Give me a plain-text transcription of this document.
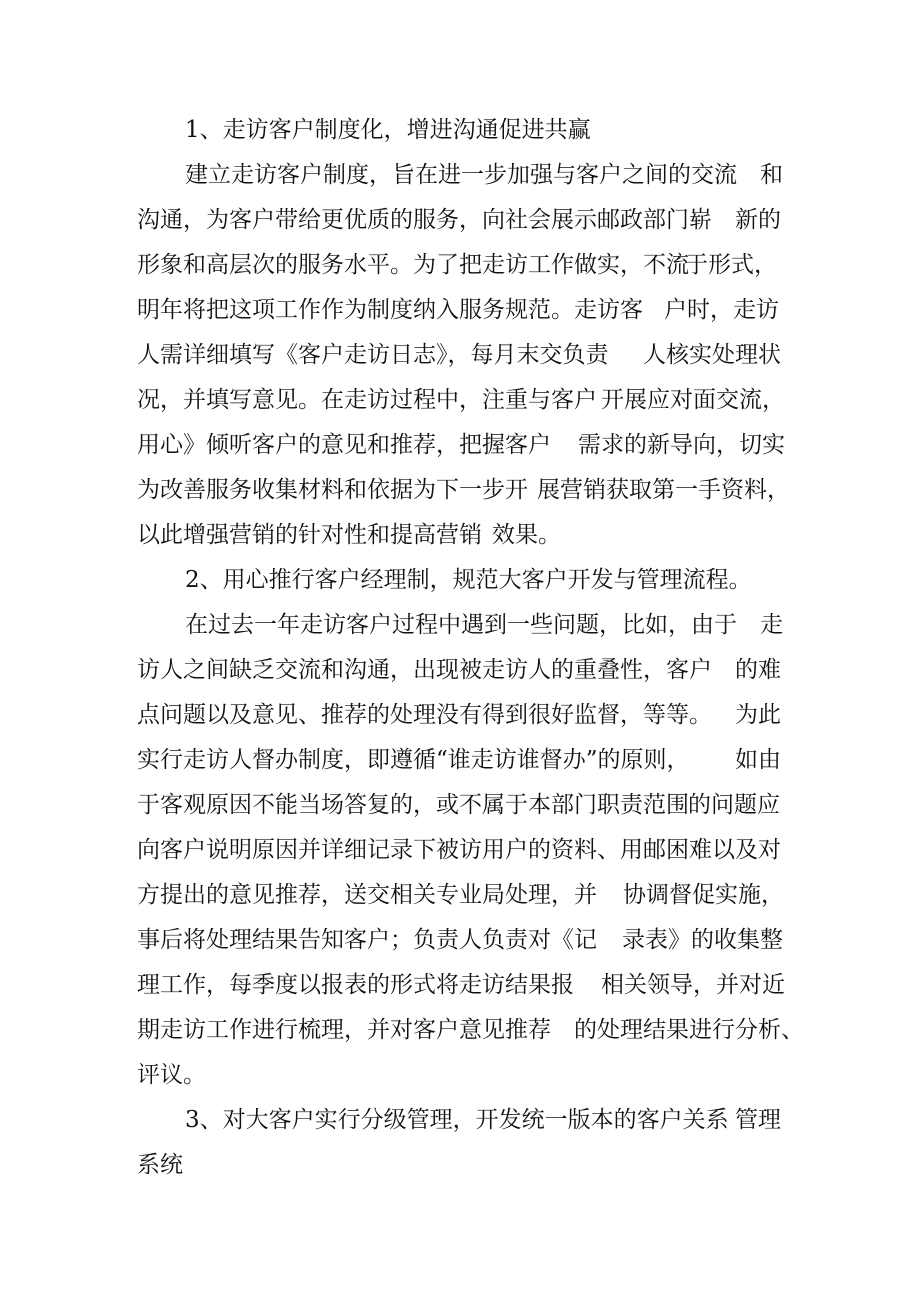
1、走访客户制度化，增进沟通促进共赢

建立走访客户制度，旨在进一步加强与客户之间的交流

和

沟通，为客户带给更优质的服务，向社会展示邮政部门崭

新的

形象和高层次的服务水平。为了把走访工作做实，不流

于形式，

明年将把这项工作作为制度纳入服务规范。走访客

户时，走访

人需详细填写《客户走访日志》，每月末交负责

人核实处理状

况，并填写意见。在走访过程中，注重与客户

开展应对面交流，

用心》倾听客户的意见和推荐，把握客户

需求的新导向，切实

为改善服务收集材料和依据为下一步开

展营销获取第一手资料，

以此增强营销的针对性和提高营销

效果。

2、用心推行客户经理制，规范大客户开发与管理流程。

在过去一年走访客户过程中遇到一些问题，比如，由于

走

访人之间缺乏交流和沟通，出现被走访人的重叠性，客户

的难

点问题以及意见、推荐的处理没有得到很好监督，等等。

为此

实行走访人督办制度，即遵循“谁走访谁督办”的原则，

如由

于客观原因不能当场答复的，或不属于本部门职责范围

的问题应

向客户说明原因并详细记录下被访用户的资料、用

邮困难以及对

方提出的意见推荐，送交相关专业局处理，并

协调督促实施，

事后将处理结果告知客户；负责人负责对《记

录表》的收集整

理工作，每季度以报表的形式将走访结果报

相关领导，并对近

期走访工作进行梳理，并对客户意见推荐

的处理结果进行分析、

评议。

3、对大客户实行分级管理，开发统一版本的客户关系

管理

系统
